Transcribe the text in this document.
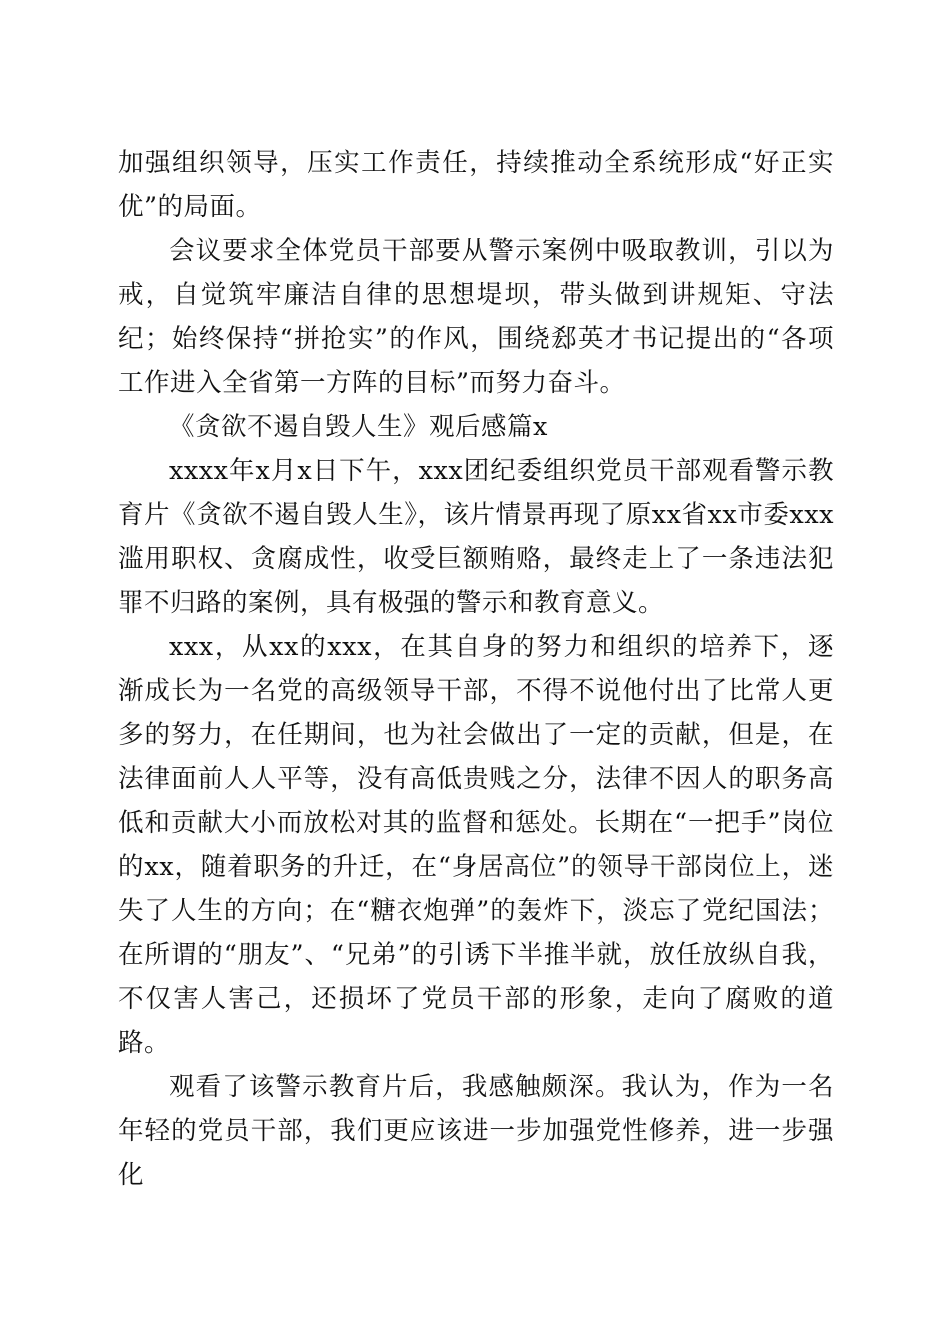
加强组织领导，压实工作责任，持续推动全系统形成“好正实优”的局面。

会议要求全体党员干部要从警示案例中吸取教训，引以为戒，自觉筑牢廉洁自律的思想堤坝，带头做到讲规矩、守法纪；始终保持“拼抢实”的作风，围绕郄英才书记提出的“各项工作进入全省第一方阵的目标”而努力奋斗。

《贪欲不遏自毁人生》观后感篇x

xxxx年x月x日下午，xxx团纪委组织党员干部观看警示教育片《贪欲不遏自毁人生》，该片情景再现了原xx省xx市委xxx滥用职权、贪腐成性，收受巨额贿赂，最终走上了一条违法犯罪不归路的案例，具有极强的警示和教育意义。

xxx，从xx的xxx，在其自身的努力和组织的培养下，逐渐成长为一名党的高级领导干部，不得不说他付出了比常人更多的努力，在任期间，也为社会做出了一定的贡献，但是，在法律面前人人平等，没有高低贵贱之分，法律不因人的职务高低和贡献大小而放松对其的监督和惩处。长期在“一把手”岗位的xx，随着职务的升迁，在“身居高位”的领导干部岗位上，迷失了人生的方向；在“糖衣炮弹”的轰炸下，淡忘了党纪国法；在所谓的“朋友”、“兄弟”的引诱下半推半就，放任放纵自我，不仅害人害己，还损坏了党员干部的形象，走向了腐败的道路。

观看了该警示教育片后，我感触颇深。我认为，作为一名年轻的党员干部，我们更应该进一步加强党性修养，进一步强化
